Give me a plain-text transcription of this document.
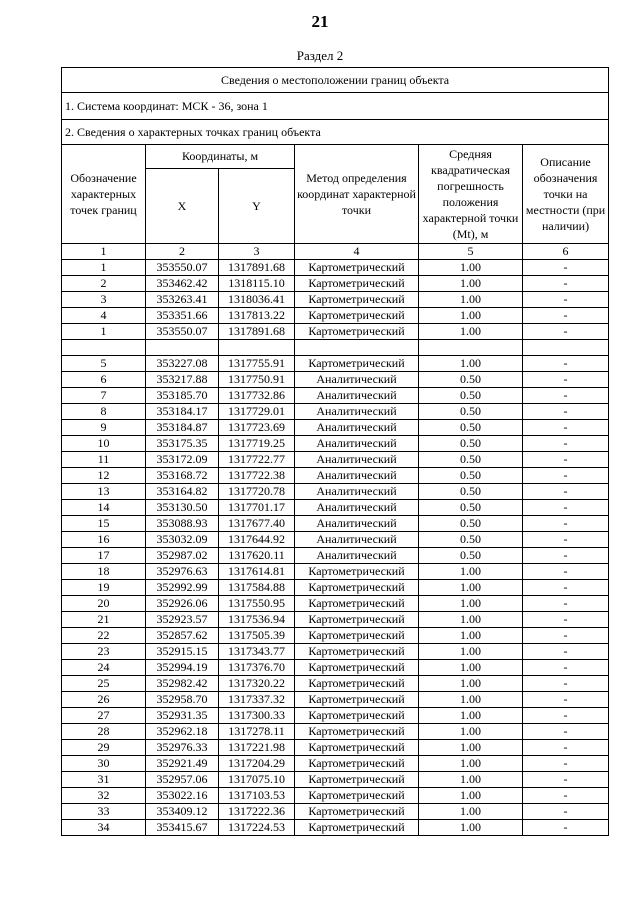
21
Раздел 2
Сведения о местоположении границ объекта					
1. Система координат: МСК - 36, зона 1					
2. Сведения о характерных точках границ объекта					
Обозначение характерных точек границ	Координаты, м		Метод определения координат характерной точки	Средняя квадратическая погрешность положения характерной точки (Mt), м	Описание обозначения точки на местности (при наличии)
	X	Y			
1	2	3	4	5	6
1	353550.07	1317891.68	Картометрический	1.00	-
2	353462.42	1318115.10	Картометрический	1.00	-
3	353263.41	1318036.41	Картометрический	1.00	-
4	353351.66	1317813.22	Картометрический	1.00	-
1	353550.07	1317891.68	Картометрический	1.00	-

5	353227.08	1317755.91	Картометрический	1.00	-
6	353217.88	1317750.91	Аналитический	0.50	-
7	353185.70	1317732.86	Аналитический	0.50	-
8	353184.17	1317729.01	Аналитический	0.50	-
9	353184.87	1317723.69	Аналитический	0.50	-
10	353175.35	1317719.25	Аналитический	0.50	-
11	353172.09	1317722.77	Аналитический	0.50	-
12	353168.72	1317722.38	Аналитический	0.50	-
13	353164.82	1317720.78	Аналитический	0.50	-
14	353130.50	1317701.17	Аналитический	0.50	-
15	353088.93	1317677.40	Аналитический	0.50	-
16	353032.09	1317644.92	Аналитический	0.50	-
17	352987.02	1317620.11	Аналитический	0.50	-
18	352976.63	1317614.81	Картометрический	1.00	-
19	352992.99	1317584.88	Картометрический	1.00	-
20	352926.06	1317550.95	Картометрический	1.00	-
21	352923.57	1317536.94	Картометрический	1.00	-
22	352857.62	1317505.39	Картометрический	1.00	-
23	352915.15	1317343.77	Картометрический	1.00	-
24	352994.19	1317376.70	Картометрический	1.00	-
25	352982.42	1317320.22	Картометрический	1.00	-
26	352958.70	1317337.32	Картометрический	1.00	-
27	352931.35	1317300.33	Картометрический	1.00	-
28	352962.18	1317278.11	Картометрический	1.00	-
29	352976.33	1317221.98	Картометрический	1.00	-
30	352921.49	1317204.29	Картометрический	1.00	-
31	352957.06	1317075.10	Картометрический	1.00	-
32	353022.16	1317103.53	Картометрический	1.00	-
33	353409.12	1317222.36	Картометрический	1.00	-
34	353415.67	1317224.53	Картометрический	1.00	-
